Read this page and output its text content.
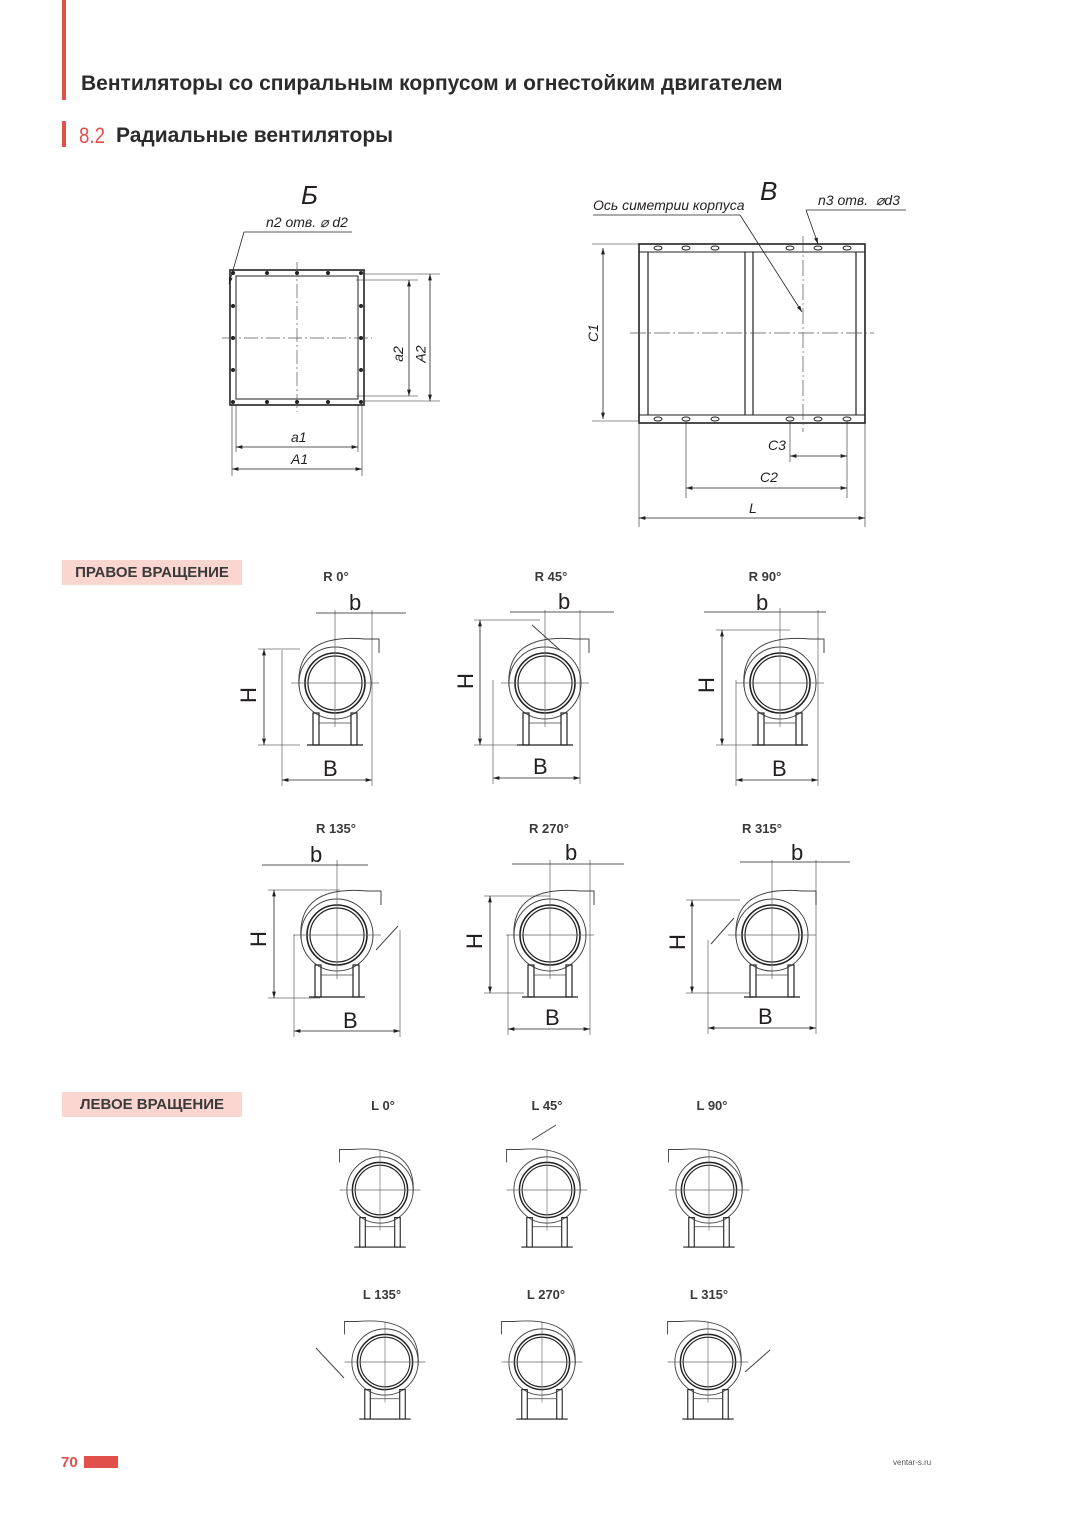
Вентиляторы со спиральным корпусом и огнестойким двигателем
8.2 Радиальные вентиляторы
Б
n2 отв. ⌀ d2
a2 A2
a1
A1
В
Ось симетрии корпуса	n3 отв.  ⌀d3
C1
C3
C2
L
ПРАВОЕ ВРАЩЕНИЕ	R 0°	R 45°	R 90°
R 135°	R 270°	R 315°
b
H
B
b
H
B
b
H
B
b
H
B
b
H
B
b
H
B
ЛЕВОЕ ВРАЩЕНИЕ	L 0°	L 45°	L 90°
L 135°	L 270°	L 315°
70	ventar-s.ru
